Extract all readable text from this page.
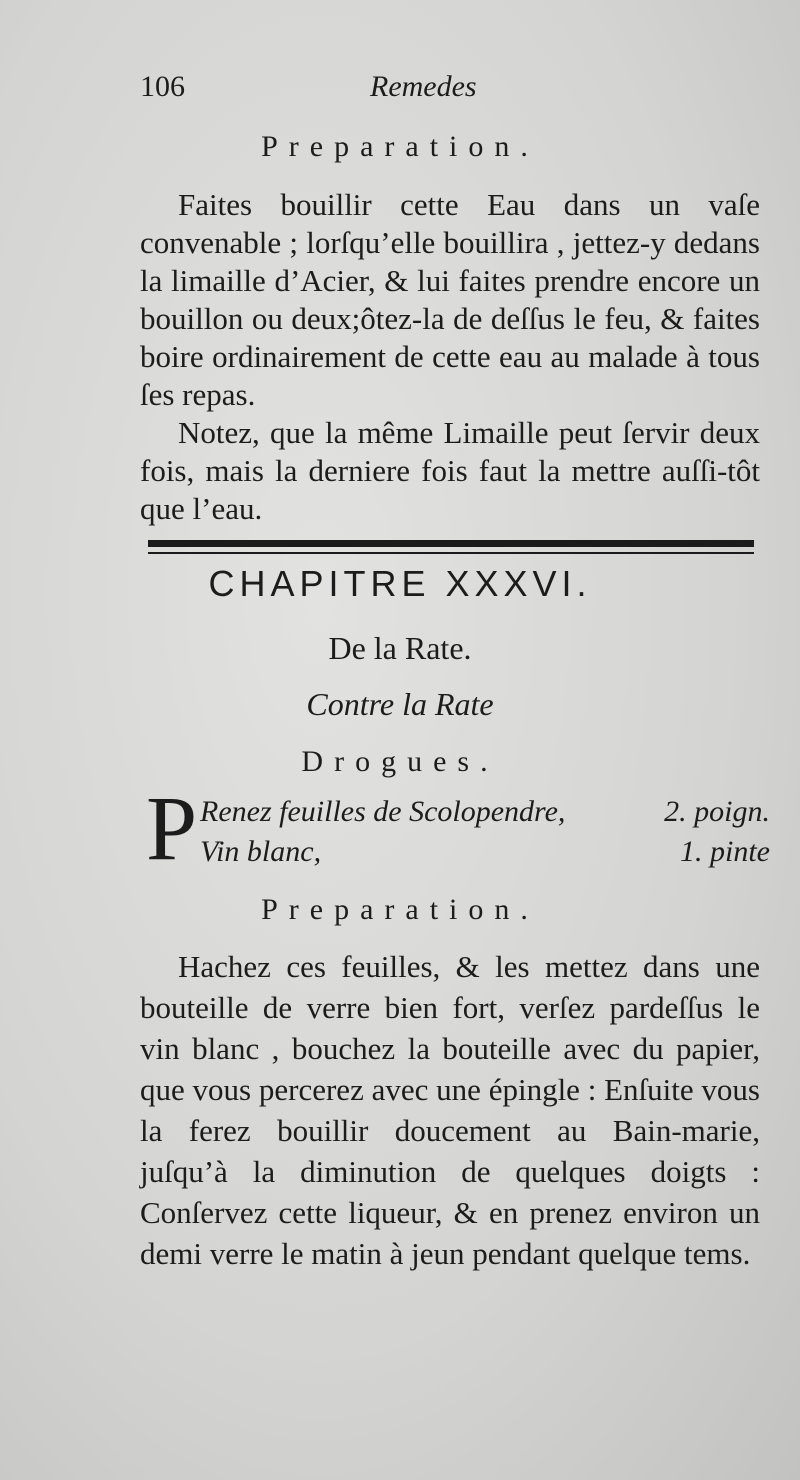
106	Remedes
Preparation.

Faites bouillir cette Eau dans un vaſe convenable ; lorſqu’elle bouillira , jettez-y dedans la limaille d’Acier, & lui faites prendre encore un bouillon ou deux;ôtez-la de deſſus le feu, & faites boire ordinairement de cette eau au malade à tous ſes repas.

Notez, que la même Limaille peut ſervir deux fois, mais la derniere fois faut la mettre auſſi-tôt que l’eau.

CHAPITRE XXXVI.
De la Rate.
Contre la Rate
Drogues.
P Renez feuilles de Scolopendre,	2. poign.
Vin blanc,	1. pinte
Preparation.

Hachez ces feuilles, & les mettez dans une bouteille de verre bien fort, verſez pardeſſus le vin blanc , bouchez la bouteille avec du papier, que vous percerez avec une épingle : Enſuite vous la ferez bouillir doucement au Bain-marie, juſqu’à la diminution de quelques doigts : Conſervez cette liqueur, & en prenez environ un demi verre le matin à jeun pendant quelque tems.
